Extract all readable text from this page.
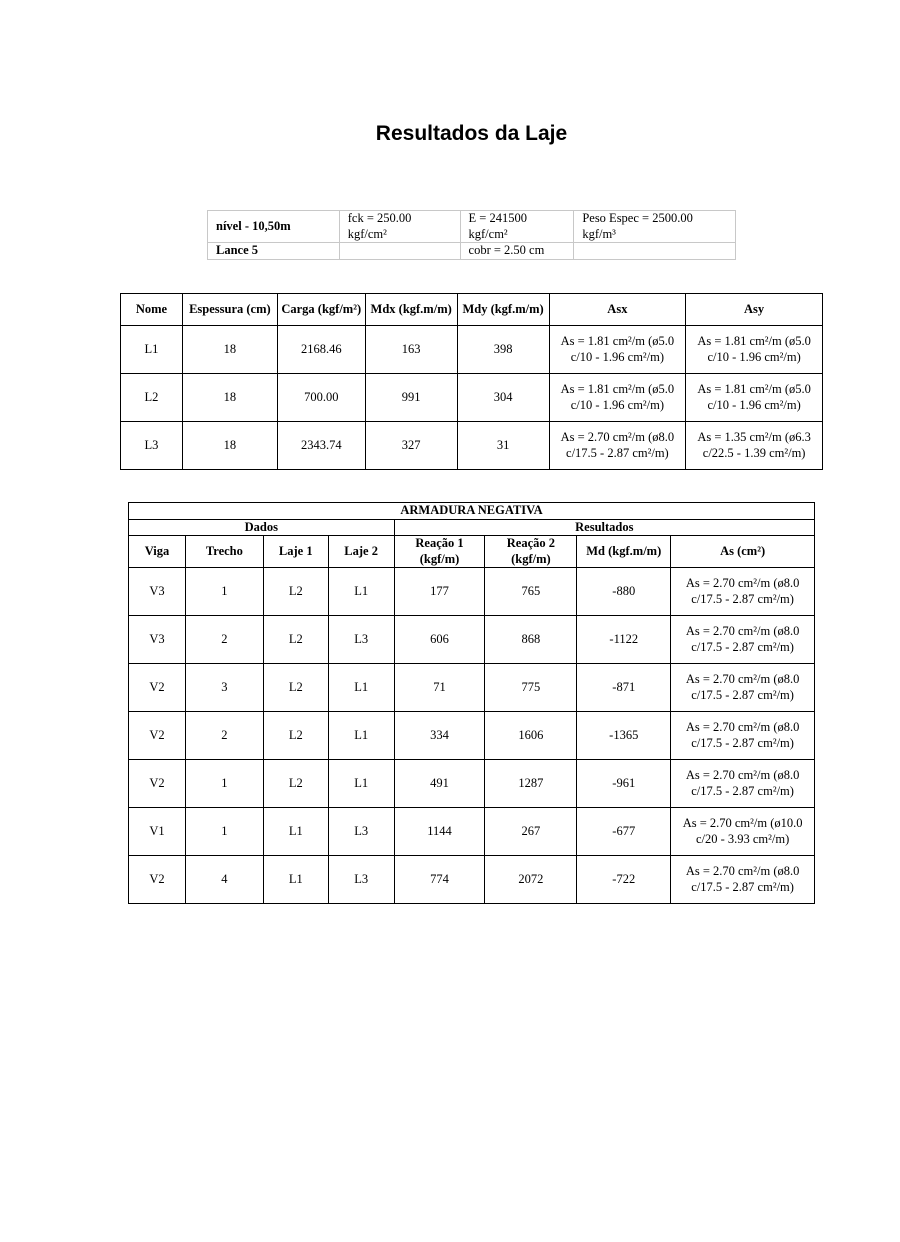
Resultados da Laje
nível - 10,50m	fck = 250.00 kgf/cm²	E = 241500 kgf/cm²	Peso Espec = 2500.00 kgf/m³
Lance 5		cobr = 2.50 cm	
Nome	Espessura (cm)	Carga (kgf/m²)	Mdx (kgf.m/m)	Mdy (kgf.m/m)	Asx	Asy
L1	18	2168.46	163	398	As = 1.81 cm²/m (ø5.0 c/10 - 1.96 cm²/m)	As = 1.81 cm²/m (ø5.0 c/10 - 1.96 cm²/m)
L2	18	700.00	991	304	As = 1.81 cm²/m (ø5.0 c/10 - 1.96 cm²/m)	As = 1.81 cm²/m (ø5.0 c/10 - 1.96 cm²/m)
L3	18	2343.74	327	31	As = 2.70 cm²/m (ø8.0 c/17.5 - 2.87 cm²/m)	As = 1.35 cm²/m (ø6.3 c/22.5 - 1.39 cm²/m)
ARMADURA NEGATIVA							
Dados				Resultados			
Viga	Trecho	Laje 1	Laje 2	Reação 1 (kgf/m)	Reação 2 (kgf/m)	Md (kgf.m/m)	As (cm²)
V3	1	L2	L1	177	765	-880	As = 2.70 cm²/m (ø8.0 c/17.5 - 2.87 cm²/m)
V3	2	L2	L3	606	868	-1122	As = 2.70 cm²/m (ø8.0 c/17.5 - 2.87 cm²/m)
V2	3	L2	L1	71	775	-871	As = 2.70 cm²/m (ø8.0 c/17.5 - 2.87 cm²/m)
V2	2	L2	L1	334	1606	-1365	As = 2.70 cm²/m (ø8.0 c/17.5 - 2.87 cm²/m)
V2	1	L2	L1	491	1287	-961	As = 2.70 cm²/m (ø8.0 c/17.5 - 2.87 cm²/m)
V1	1	L1	L3	1144	267	-677	As = 2.70 cm²/m (ø10.0 c/20 - 3.93 cm²/m)
V2	4	L1	L3	774	2072	-722	As = 2.70 cm²/m (ø8.0 c/17.5 - 2.87 cm²/m)
